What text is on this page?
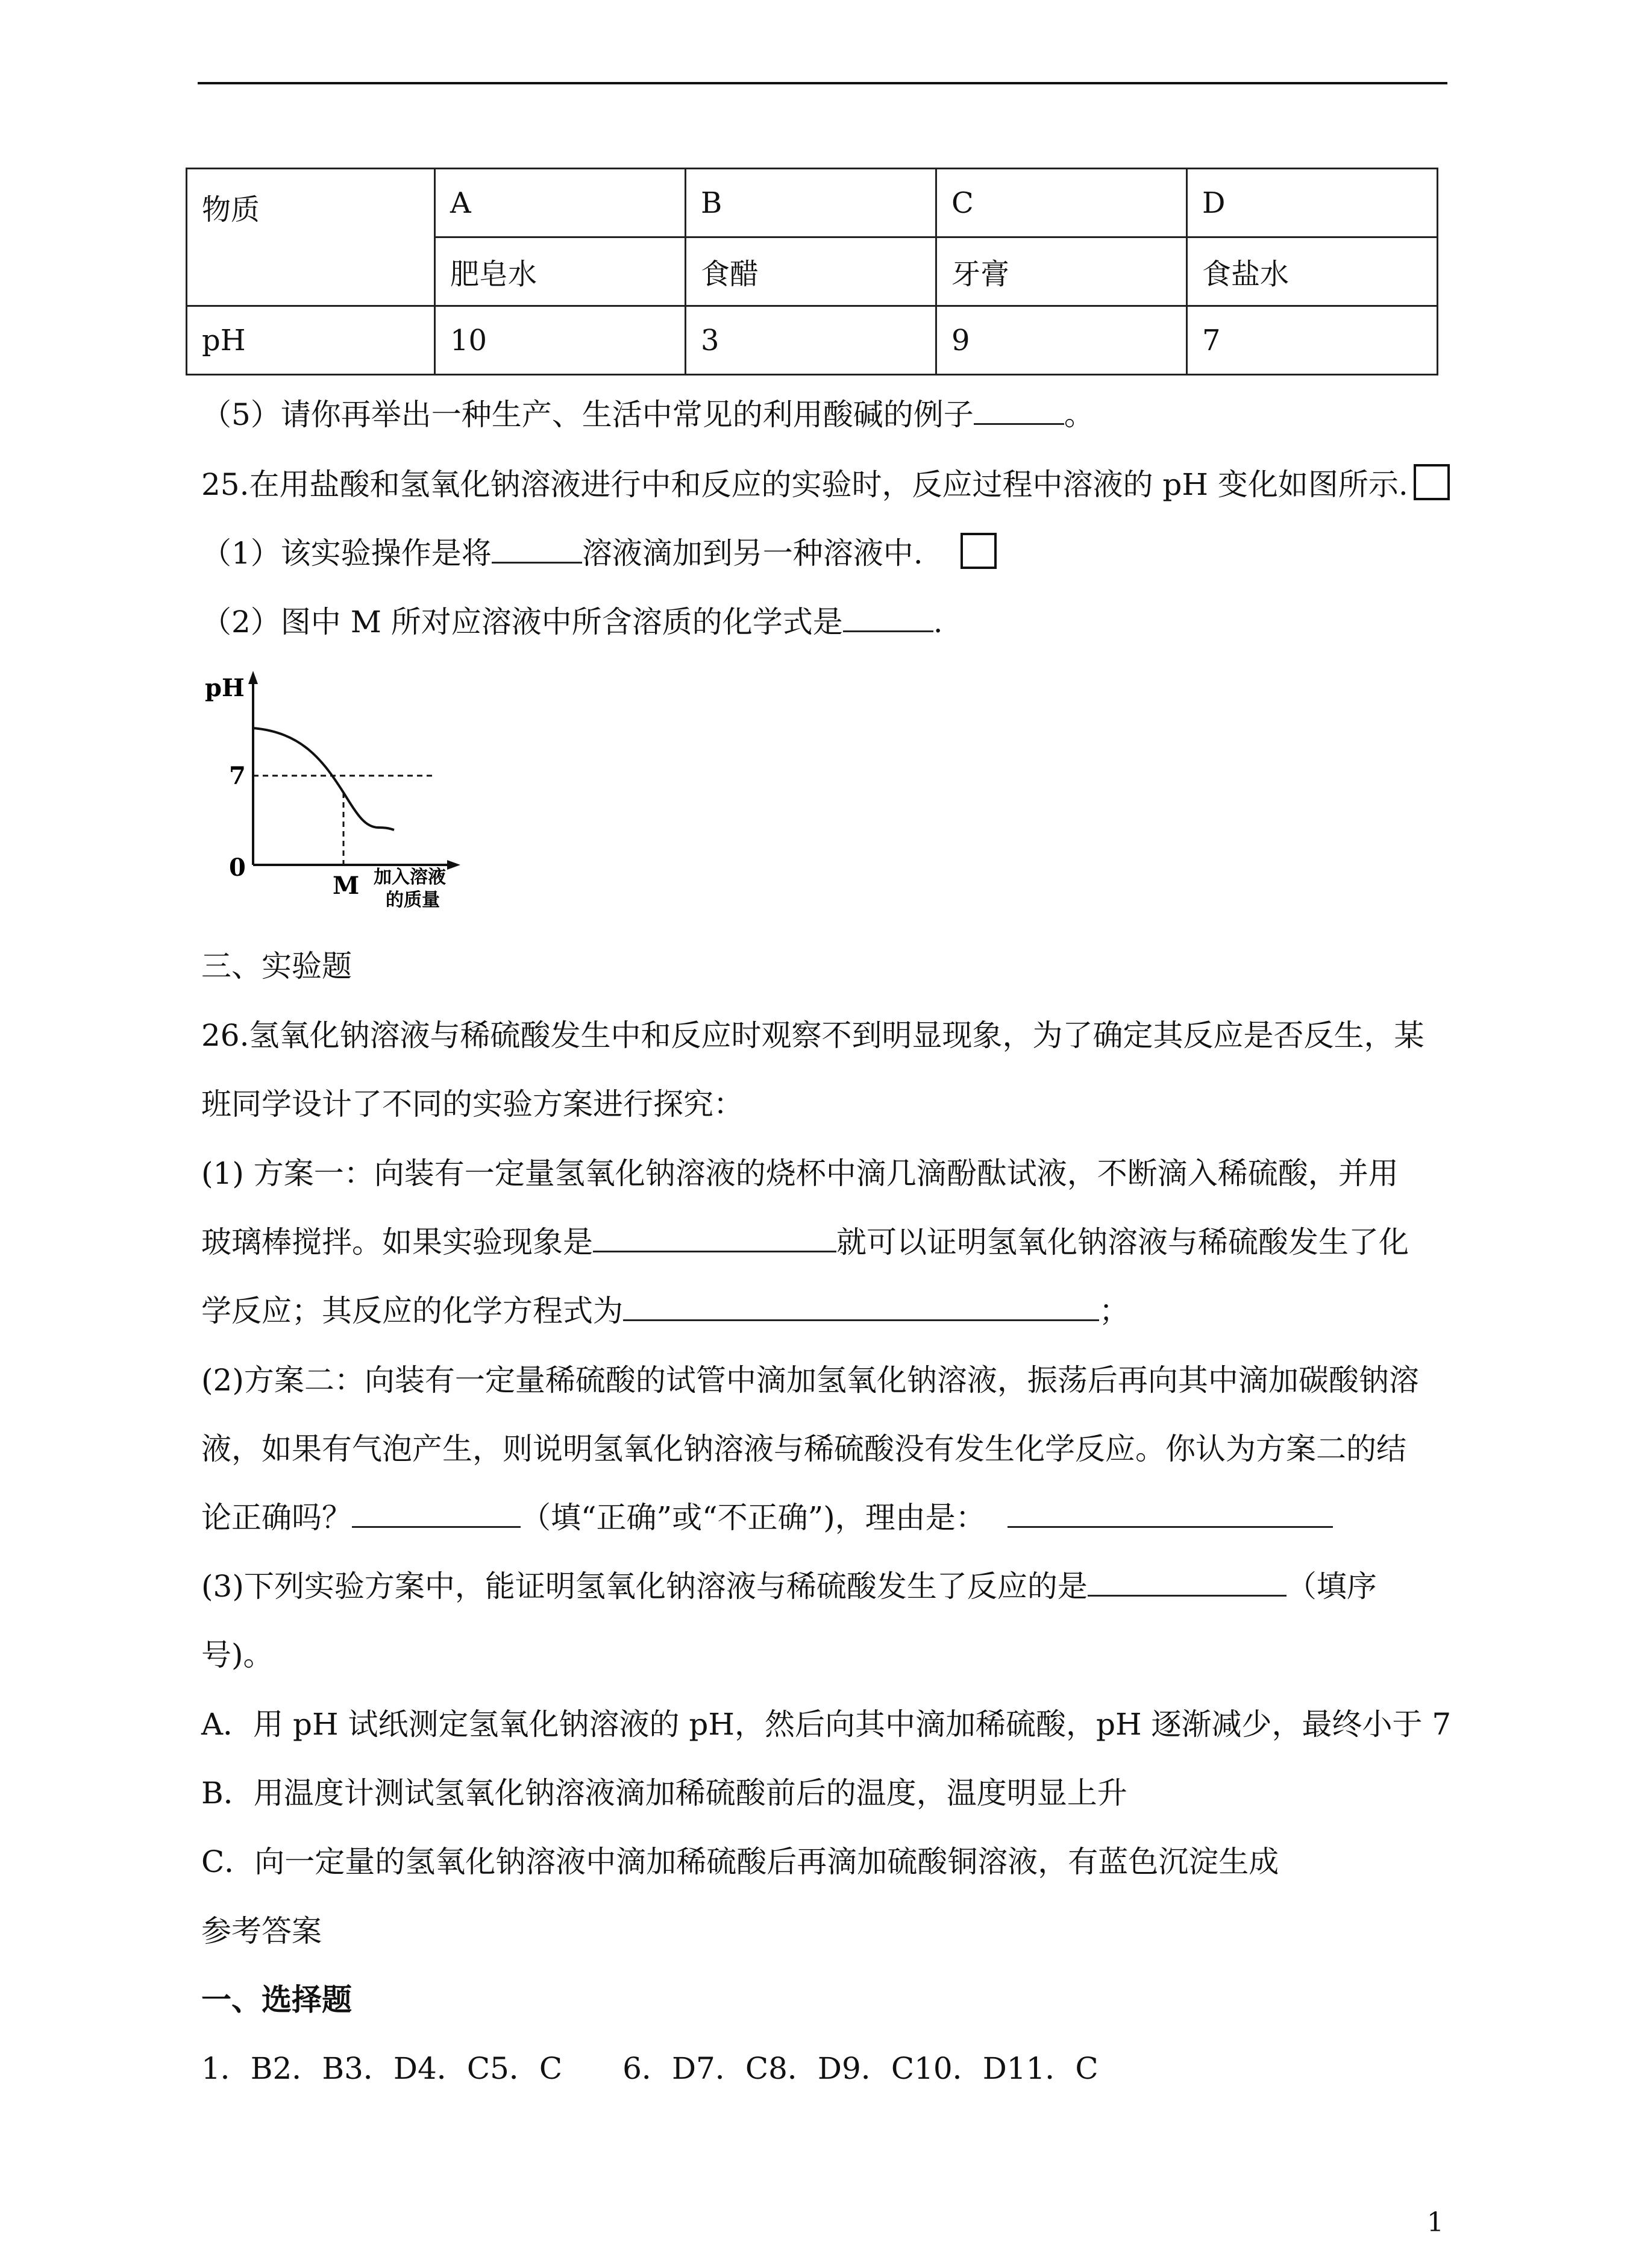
物质	A	B	C	D
	肥皂水	食醋	牙膏	食盐水
pH	10	3	9	7
（5）请你再举出一种生产、生活中常见的利用酸碱的例子	。
25.在用盐酸和氢氧化钠溶液进行中和反应的实验时，反应过程中溶液的 pH 变化如图所示.
（1）该实验操作是将	溶液滴加到另一种溶液中.
（2）图中 M 所对应溶液中所含溶质的化学式是	.
pH
7
0
M 加入溶液
的质量
三、实验题
26.氢氧化钠溶液与稀硫酸发生中和反应时观察不到明显现象，为了确定其反应是否反生，某
班同学设计了不同的实验方案进行探究：
(1) 方案一：向装有一定量氢氧化钠溶液的烧杯中滴几滴酚酞试液，不断滴入稀硫酸，并用
玻璃棒搅拌。如果实验现象是	就可以证明氢氧化钠溶液与稀硫酸发生了化
学反应；其反应的化学方程式为	；
(2)方案二：向装有一定量稀硫酸的试管中滴加氢氧化钠溶液，振荡后再向其中滴加碳酸钠溶
液，如果有气泡产生，则说明氢氧化钠溶液与稀硫酸没有发生化学反应。你认为方案二的结
论正确吗？	（填“正确”或“不正确”)，理由是：
(3)下列实验方案中，能证明氢氧化钠溶液与稀硫酸发生了反应的是	（填序
号)。
A．用 pH 试纸测定氢氧化钠溶液的 pH，然后向其中滴加稀硫酸，pH 逐渐减少，最终小于 7
B．用温度计测试氢氧化钠溶液滴加稀硫酸前后的温度，温度明显上升
C．向一定量的氢氧化钠溶液中滴加稀硫酸后再滴加硫酸铜溶液，有蓝色沉淀生成
参考答案
一、选择题
1．B2．B3．D4．C5．C　　6．D7．C8．D9．C10．D11．C
1
